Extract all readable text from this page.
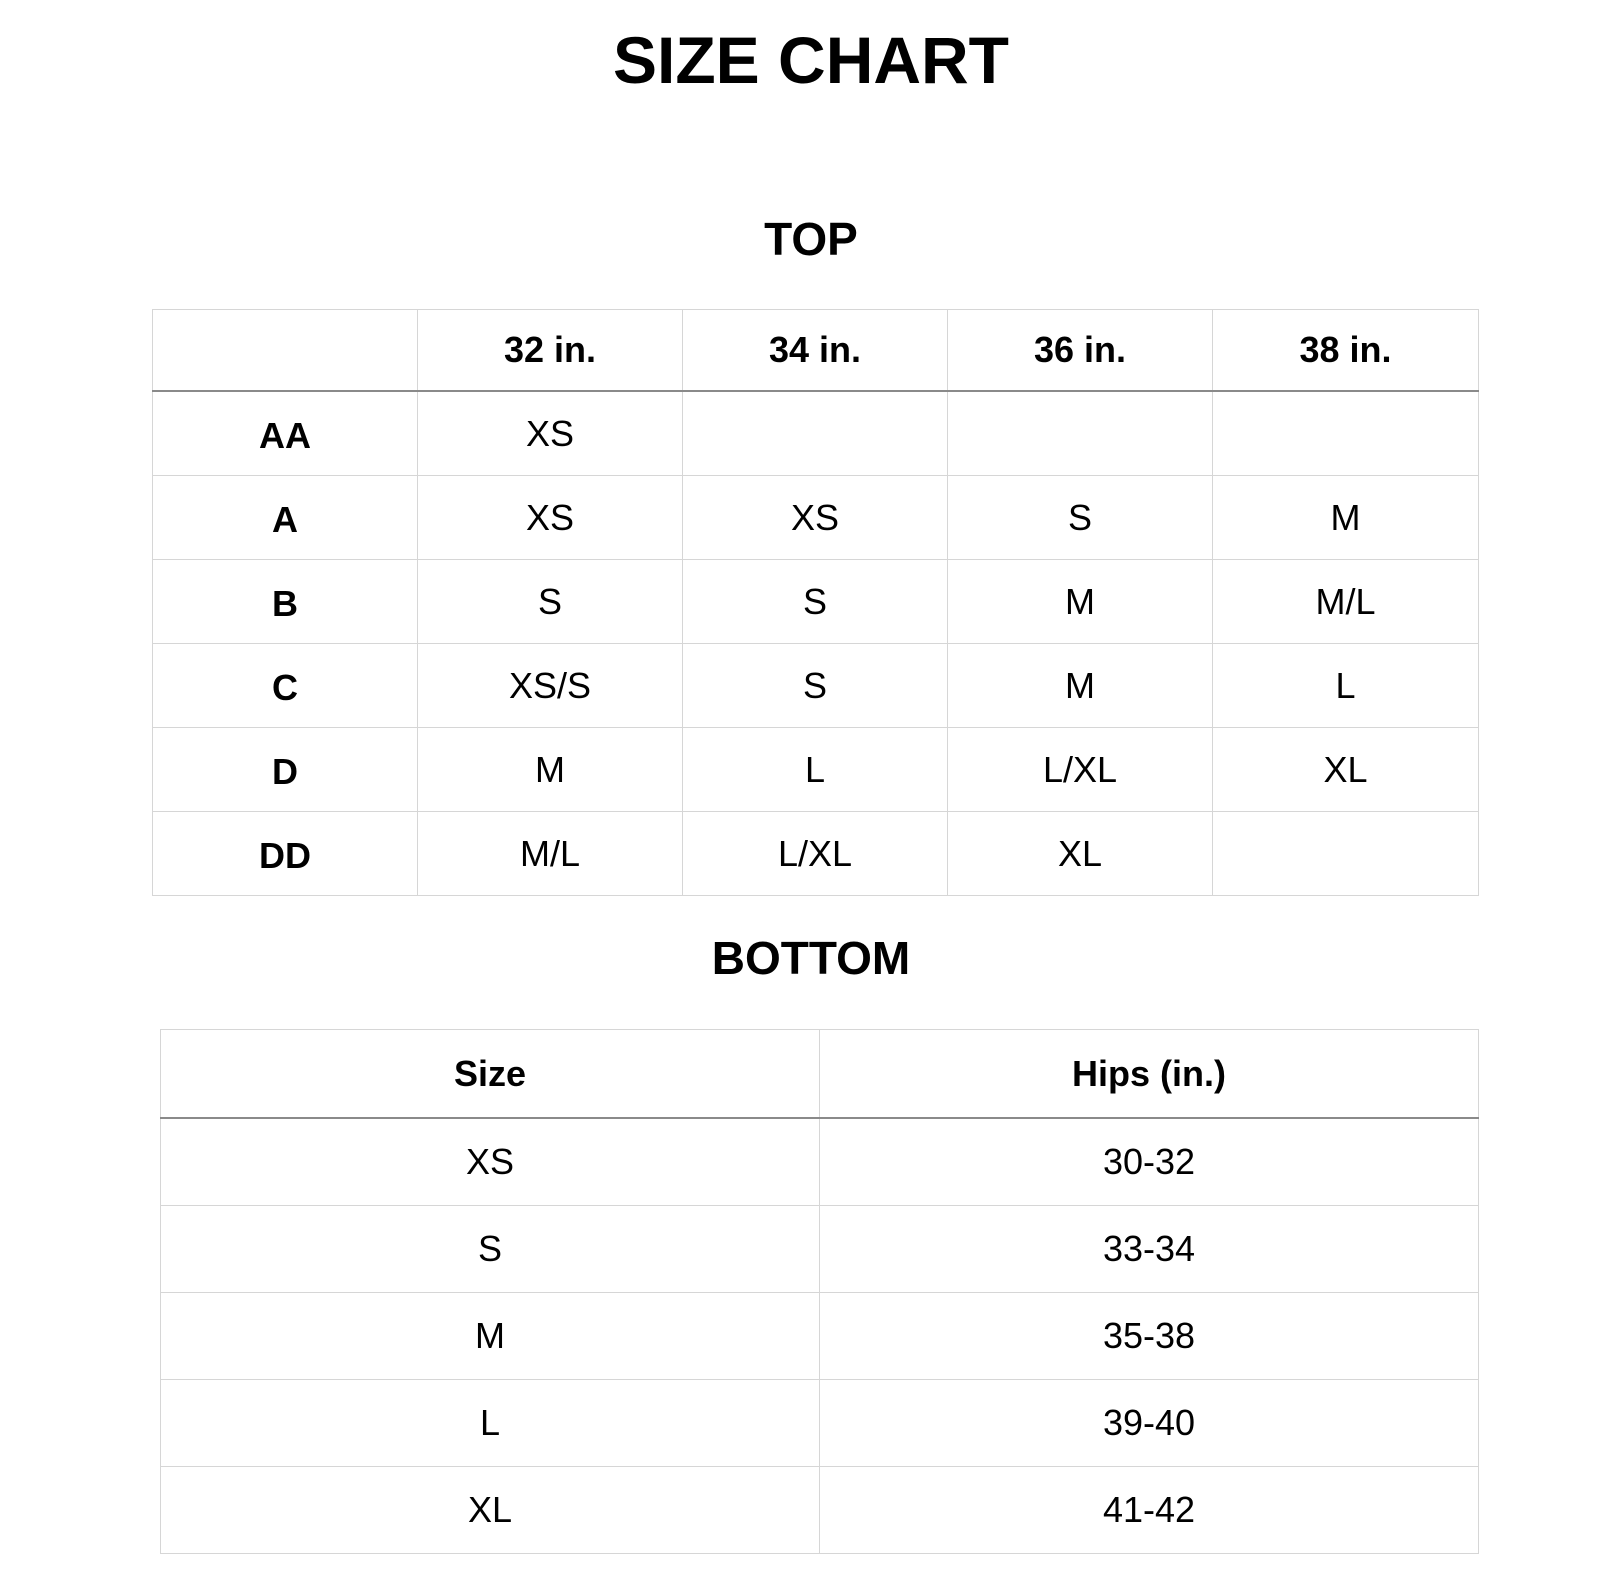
SIZE CHART
TOP
	32 in.	34 in.	36 in.	38 in.
AA	XS			
A	XS	XS	S	M
B	S	S	M	M/L
C	XS/S	S	M	L
D	M	L	L/XL	XL
DD	M/L	L/XL	XL	
BOTTOM
Size	Hips (in.)
XS	30-32
S	33-34
M	35-38
L	39-40
XL	41-42
